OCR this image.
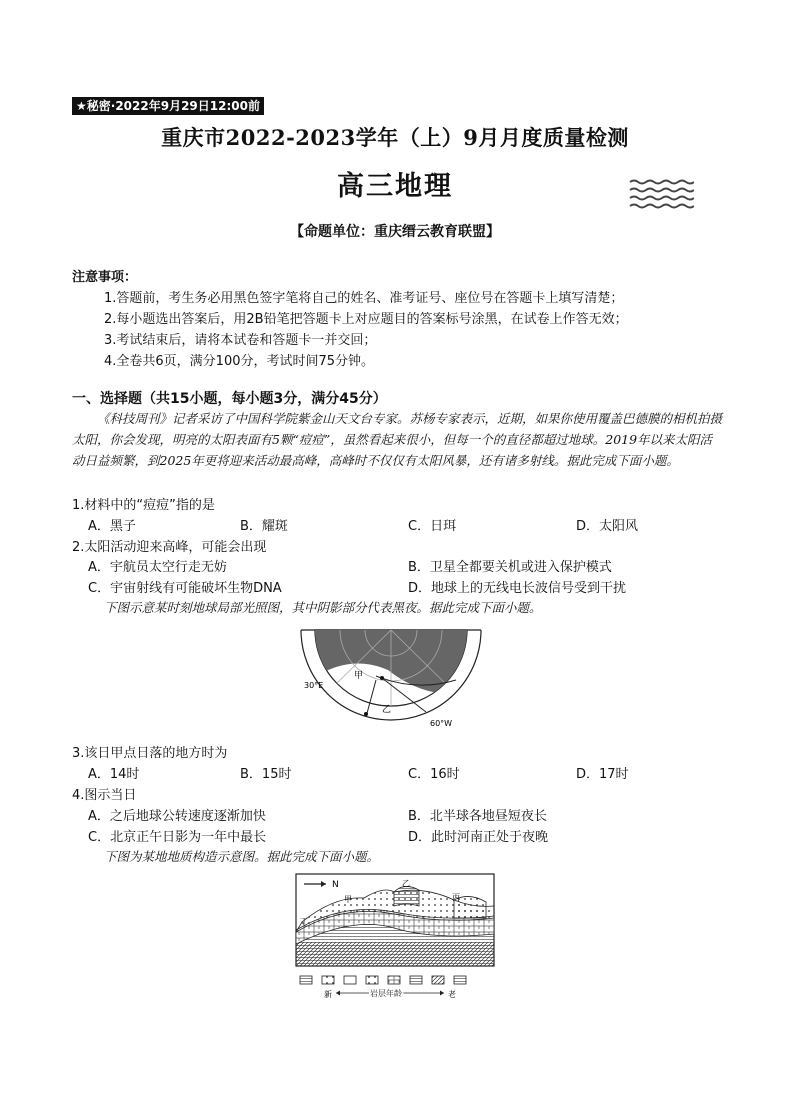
★秘密·2022年9月29日12:00前
重庆市2022-2023学年（上）9月月度质量检测
高三地理
【命题单位：重庆缙云教育联盟】
注意事项：
1.答题前，考生务必用黑色签字笔将自己的姓名、准考证号、座位号在答题卡上填写清楚；
2.每小题选出答案后，用2B铅笔把答题卡上对应题目的答案标号涂黑，在试卷上作答无效；
3.考试结束后，请将本试卷和答题卡一并交回；
4.全卷共6页，满分100分，考试时间75分钟。
一、选择题（共15小题，每小题3分，满分45分）
《科技周刊》记者采访了中国科学院紫金山天文台专家。苏杨专家表示，近期，如果你使用覆盖巴德膜的相机拍摄太阳，你会发现，明亮的太阳表面有5颗“痘痘”，虽然看起来很小，但每一个的直径都超过地球。2019年以来太阳活动日益频繁，到2025年更将迎来活动最高峰，高峰时不仅仅有太阳风暴，还有诸多射线。据此完成下面小题。
1.材料中的“痘痘”指的是
A．黑子	B．耀斑	C．日珥	D．太阳风
2.太阳活动迎来高峰，可能会出现
A．宇航员太空行走无妨	B．卫星全都要关机或进入保护模式
C．宇宙射线有可能破坏生物DNA	D．地球上的无线电长波信号受到干扰
下图示意某时刻地球局部光照图，其中阴影部分代表黑夜。据此完成下面小题。
甲
乙
30°E
60°W
3.该日甲点日落的地方时为
A．14时	B．15时	C．16时	D．17时
4.图示当日
A．之后地球公转速度逐渐加快	B．北半球各地昼短夜长
C．北京正午日影为一年中最长	D．此时河南正处于夜晚
下图为某地地质构造示意图。据此完成下面小题。
N
甲
乙
丙
丁
新	岩层年龄	老
